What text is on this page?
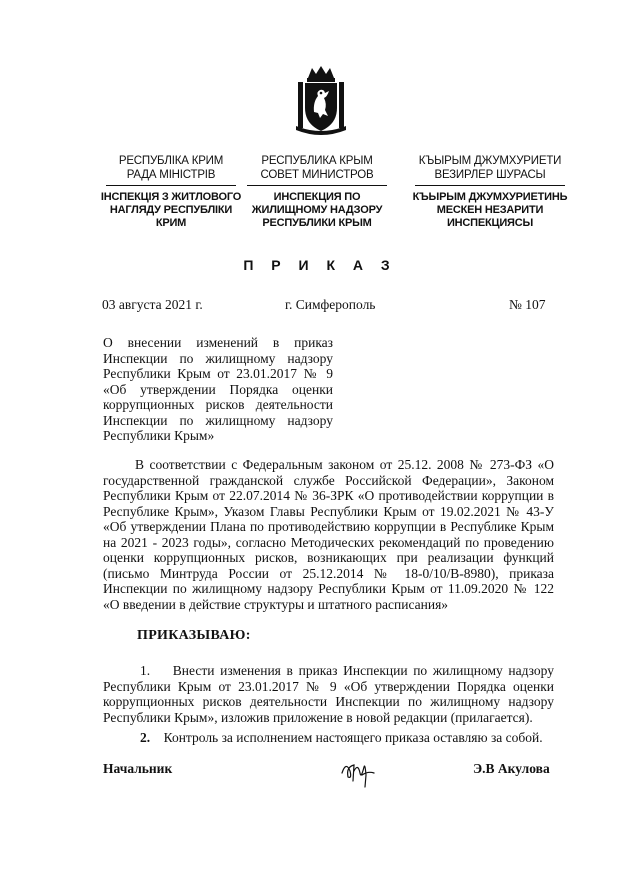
РЕСПУБЛІКА КРИМ
РАДА МІНІСТРІВ
ІНСПЕКЦІЯ З ЖИТЛОВОГО НАГЛЯДУ РЕСПУБЛІКИ КРИМ
РЕСПУБЛИКА КРЫМ
СОВЕТ МИНИСТРОВ
ИНСПЕКЦИЯ ПО ЖИЛИЩНОМУ НАДЗОРУ РЕСПУБЛИКИ КРЫМ
КЪЫРЫМ ДЖУМХУРИЕТИ
ВЕЗИРЛЕР ШУРАСЫ
КЪЫРЫМ ДЖУМХУРИЕТИНЬ МЕСКЕН НЕЗАРИТИ ИНСПЕКЦИЯСЫ
П Р И К А З
03 августа 2021 г.	г. Симферополь	№ 107
О внесении изменений в приказ Инспекции по жилищному надзору Республики Крым от 23.01.2017 № 9 «Об утверждении Порядка оценки коррупционных рисков деятельности Инспекции по жилищному надзору Республики Крым»
В соответствии с Федеральным законом от 25.12. 2008 № 273-ФЗ «О государственной гражданской службе Российской Федерации», Законом Республики Крым от 22.07.2014 № 36-ЗРК «О противодействии коррупции в Республике Крым», Указом Главы Республики Крым от 19.02.2021 № 43-У «Об утверждении Плана по противодействию коррупции в Республике Крым на 2021 - 2023 годы», согласно Методических рекомендаций по проведению оценки коррупционных рисков, возникающих при реализации функций (письмо Минтруда России от 25.12.2014 № 18-0/10/В-8980), приказа Инспекции по жилищному надзору Республики Крым от 11.09.2020 № 122 «О введении в действие структуры и штатного расписания»
ПРИКАЗЫВАЮ:
1. Внести изменения в приказ Инспекции по жилищному надзору Республики Крым от 23.01.2017 № 9 «Об утверждении Порядка оценки коррупционных рисков деятельности Инспекции по жилищному надзору Республики Крым», изложив приложение в новой редакции (прилагается).
2. Контроль за исполнением настоящего приказа оставляю за собой.
Начальник	Э.В Акулова
